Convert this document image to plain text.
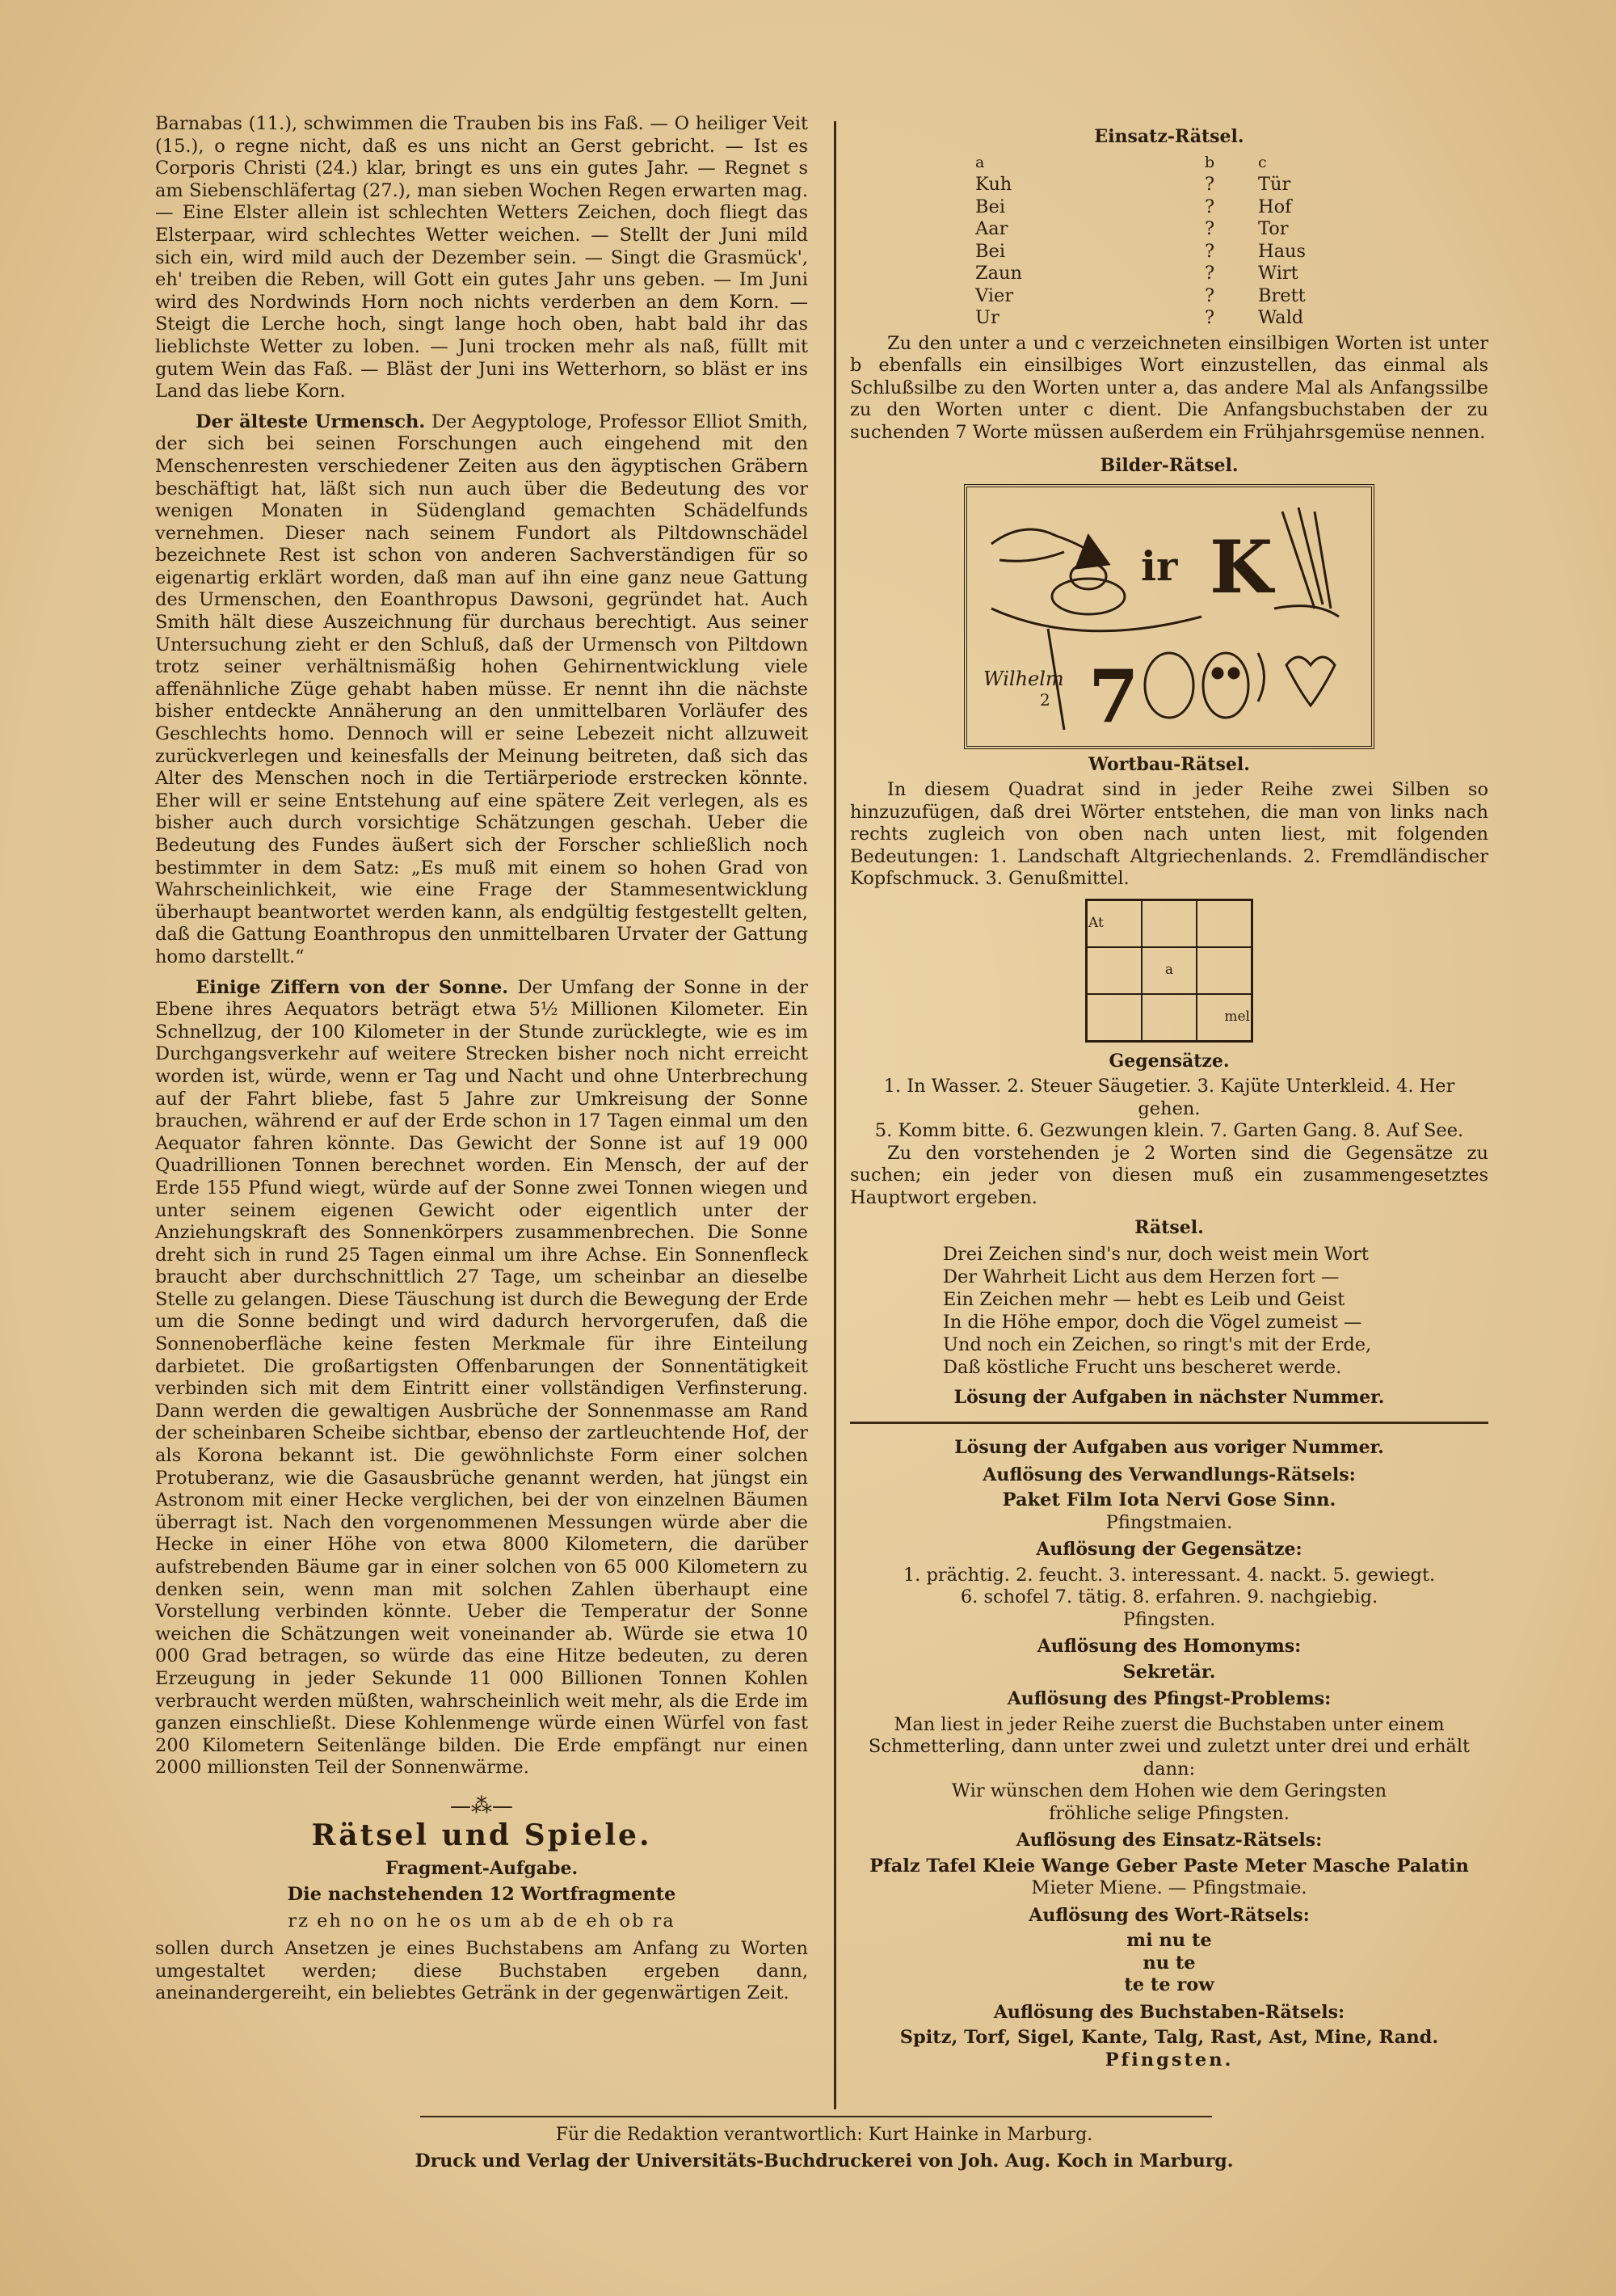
Barnabas (11.), schwimmen die Trauben bis ins Faß. — O heiliger Veit (15.), o regne nicht, daß es uns nicht an Gerst gebricht. — Ist es Corporis Christi (24.) klar, bringt es uns ein gutes Jahr. — Regnet s am Siebenschläfertag (27.), man sieben Wochen Regen erwarten mag. — Eine Elster allein ist schlechten Wetters Zeichen, doch fliegt das Elsterpaar, wird schlechtes Wetter weichen. — Stellt der Juni mild sich ein, wird mild auch der Dezember sein. — Singt die Grasmück', eh' treiben die Reben, will Gott ein gutes Jahr uns geben. — Im Juni wird des Nordwinds Horn noch nichts verderben an dem Korn. — Steigt die Lerche hoch, singt lange hoch oben, habt bald ihr das lieblichste Wetter zu loben. — Juni trocken mehr als naß, füllt mit gutem Wein das Faß. — Bläst der Juni ins Wetterhorn, so bläst er ins Land das liebe Korn.

Der älteste Urmensch. Der Aegyptologe, Professor Elliot Smith, der sich bei seinen Forschungen auch eingehend mit den Menschenresten verschiedener Zeiten aus den ägyptischen Gräbern beschäftigt hat, läßt sich nun auch über die Bedeutung des vor wenigen Monaten in Südengland gemachten Schädelfunds vernehmen. Dieser nach seinem Fundort als Piltdownschädel bezeichnete Rest ist schon von anderen Sachverständigen für so eigenartig erklärt worden, daß man auf ihn eine ganz neue Gattung des Urmenschen, den Eoanthropus Dawsoni, gegründet hat. Auch Smith hält diese Auszeichnung für durchaus berechtigt. Aus seiner Untersuchung zieht er den Schluß, daß der Urmensch von Piltdown trotz seiner verhältnismäßig hohen Gehirnentwicklung viele affenähnliche Züge gehabt haben müsse. Er nennt ihn die nächste bisher entdeckte Annäherung an den unmittelbaren Vorläufer des Geschlechts homo. Dennoch will er seine Lebezeit nicht allzuweit zurückverlegen und keinesfalls der Meinung beitreten, daß sich das Alter des Menschen noch in die Tertiärperiode erstrecken könnte. Eher will er seine Entstehung auf eine spätere Zeit verlegen, als es bisher auch durch vorsichtige Schätzungen geschah. Ueber die Bedeutung des Fundes äußert sich der Forscher schließlich noch bestimmter in dem Satz: „Es muß mit einem so hohen Grad von Wahrscheinlichkeit, wie eine Frage der Stammesentwicklung überhaupt beantwortet werden kann, als endgültig festgestellt gelten, daß die Gattung Eoanthropus den unmittelbaren Urvater der Gattung homo darstellt.“

Einige Ziffern von der Sonne. Der Umfang der Sonne in der Ebene ihres Aequators beträgt etwa 5½ Millionen Kilometer. Ein Schnellzug, der 100 Kilometer in der Stunde zurücklegte, wie es im Durchgangsverkehr auf weitere Strecken bisher noch nicht erreicht worden ist, würde, wenn er Tag und Nacht und ohne Unterbrechung auf der Fahrt bliebe, fast 5 Jahre zur Umkreisung der Sonne brauchen, während er auf der Erde schon in 17 Tagen einmal um den Aequator fahren könnte. Das Gewicht der Sonne ist auf 19 000 Quadrillionen Tonnen berechnet worden. Ein Mensch, der auf der Erde 155 Pfund wiegt, würde auf der Sonne zwei Tonnen wiegen und unter seinem eigenen Gewicht oder eigentlich unter der Anziehungskraft des Sonnenkörpers zusammenbrechen. Die Sonne dreht sich in rund 25 Tagen einmal um ihre Achse. Ein Sonnenfleck braucht aber durchschnittlich 27 Tage, um scheinbar an dieselbe Stelle zu gelangen. Diese Täuschung ist durch die Bewegung der Erde um die Sonne bedingt und wird dadurch hervorgerufen, daß die Sonnenoberfläche keine festen Merkmale für ihre Einteilung darbietet. Die großartigsten Offenbarungen der Sonnentätigkeit verbinden sich mit dem Eintritt einer vollständigen Verfinsterung. Dann werden die gewaltigen Ausbrüche der Sonnenmasse am Rand der scheinbaren Scheibe sichtbar, ebenso der zartleuchtende Hof, der als Korona bekannt ist. Die gewöhnlichste Form einer solchen Protuberanz, wie die Gasausbrüche genannt werden, hat jüngst ein Astronom mit einer Hecke verglichen, bei der von einzelnen Bäumen überragt ist. Nach den vorgenommenen Messungen würde aber die Hecke in einer Höhe von etwa 8000 Kilometern, die darüber aufstrebenden Bäume gar in einer solchen von 65 000 Kilometern zu denken sein, wenn man mit solchen Zahlen überhaupt eine Vorstellung verbinden könnte. Ueber die Temperatur der Sonne weichen die Schätzungen weit voneinander ab. Würde sie etwa 10 000 Grad betragen, so würde das eine Hitze bedeuten, zu deren Erzeugung in jeder Sekunde 11 000 Billionen Tonnen Kohlen verbraucht werden müßten, wahrscheinlich weit mehr, als die Erde im ganzen einschließt. Diese Kohlenmenge würde einen Würfel von fast 200 Kilometern Seitenlänge bilden. Die Erde empfängt nur einen 2000 millionsten Teil der Sonnenwärme.

—⁂—
Rätsel und Spiele.
Fragment-Aufgabe.
Die nachstehenden 12 Wortfragmente
rz eh no on he os um ab de eh ob ra

sollen durch Ansetzen je eines Buchstabens am Anfang zu Worten umgestaltet werden; diese Buchstaben ergeben dann, aneinandergereiht, ein beliebtes Getränk in der gegenwärtigen Zeit.

Einsatz-Rätsel.
a	b	c
Kuh	?	Tür
Bei	?	Hof
Aar	?	Tor
Bei	?	Haus
Zaun	?	Wirt
Vier	?	Brett
Ur	?	Wald
Zu den unter a und c verzeichneten einsilbigen Worten ist unter b ebenfalls ein einsilbiges Wort einzustellen, das einmal als Schlußsilbe zu den Worten unter a, das andere Mal als Anfangssilbe zu den Worten unter c dient. Die Anfangsbuchstaben der zu suchenden 7 Worte müssen außerdem ein Frühjahrsgemüse nennen.
Bilder-Rätsel.
ir K
Wilhelm
2 7
Wortbau-Rätsel.
In diesem Quadrat sind in jeder Reihe zwei Silben so hinzuzufügen, daß drei Wörter entstehen, die man von links nach rechts zugleich von oben nach unten liest, mit folgenden Bedeutungen: 1. Landschaft Altgriechenlands. 2. Fremdländischer Kopfschmuck. 3. Genußmittel.
At		
	a	
		mel
Gegensätze.
1. In Wasser. 2. Steuer Säugetier. 3. Kajüte Unterkleid. 4. Her gehen.
5. Komm bitte. 6. Gezwungen klein. 7. Garten Gang. 8. Auf See.
Zu den vorstehenden je 2 Worten sind die Gegensätze zu suchen; ein jeder von diesen muß ein zusammengesetztes Hauptwort ergeben.
Rätsel.
Drei Zeichen sind's nur, doch weist mein Wort
Der Wahrheit Licht aus dem Herzen fort —
Ein Zeichen mehr — hebt es Leib und Geist
In die Höhe empor, doch die Vögel zumeist —
Und noch ein Zeichen, so ringt's mit der Erde,
Daß köstliche Frucht uns bescheret werde.
Lösung der Aufgaben in nächster Nummer.
Lösung der Aufgaben aus voriger Nummer.
Auflösung des Verwandlungs-Rätsels:
Paket Film Iota Nervi Gose Sinn.
Pfingstmaien.
Auflösung der Gegensätze:
1. prächtig. 2. feucht. 3. interessant. 4. nackt. 5. gewiegt.
6. schofel 7. tätig. 8. erfahren. 9. nachgiebig.
Pfingsten.
Auflösung des Homonyms:
Sekretär.
Auflösung des Pfingst-Problems:
Man liest in jeder Reihe zuerst die Buchstaben unter einem Schmetterling, dann unter zwei und zuletzt unter drei und erhält dann:
Wir wünschen dem Hohen wie dem Geringsten
fröhliche selige Pfingsten.
Auflösung des Einsatz-Rätsels:
Pfalz Tafel Kleie Wange Geber Paste Meter Masche Palatin
Mieter Miene. — Pfingstmaie.
Auflösung des Wort-Rätsels:
mi nu te
nu te
te te row
Auflösung des Buchstaben-Rätsels:
Spitz, Torf, Sigel, Kante, Talg, Rast, Ast, Mine, Rand.
Pfingsten.
Für die Redaktion verantwortlich: Kurt Hainke in Marburg.
Druck und Verlag der Universitäts-Buchdruckerei von Joh. Aug. Koch in Marburg.
